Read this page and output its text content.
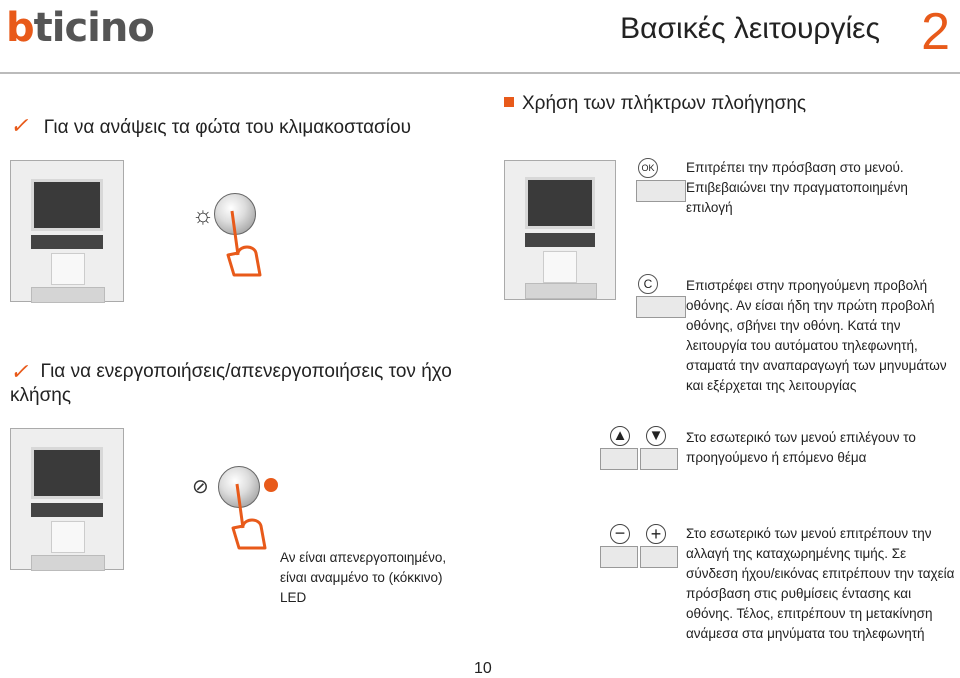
bticino	Βασικές λειτουργίες 2
✓ Για να ανάψεις τα φώτα του κλιμακοστασίου
☼
✓ Για να ενεργοποιήσεις/απενεργοποιήσεις τον ήχο κλήσης
⊘
Αν είναι απενεργοποιημένο, είναι αναμμένο το (κόκκινο) LED
Χρήση των πλήκτρων πλοήγησης
OK Επιτρέπει την πρόσβαση στο μενού. Επιβεβαιώνει την πραγματοποιημένη επιλογή
C	Επιστρέφει στην προηγούμενη προβολή οθόνης. Αν είσαι ήδη την πρώτη προβολή οθόνης, σβήνει την οθόνη. Κατά την λειτουργία του αυτόματου τηλεφωνητή, σταματά την αναπαραγωγή των μηνυμάτων και εξέρχεται της λειτουργίας
▲ ▼ Στο εσωτερικό των μενού επιλέγουν το προηγούμενο ή επόμενο θέμα
− +	Στο εσωτερικό των μενού επιτρέπουν την αλλαγή της καταχωρημένης τιμής. Σε σύνδεση ήχου/εικόνας επιτρέπουν την ταχεία πρόσβαση στις ρυθμίσεις έντασης και οθόνης. Τέλος, επιτρέπουν τη μετακίνηση ανάμεσα στα μηνύματα του τηλεφωνητή
10
